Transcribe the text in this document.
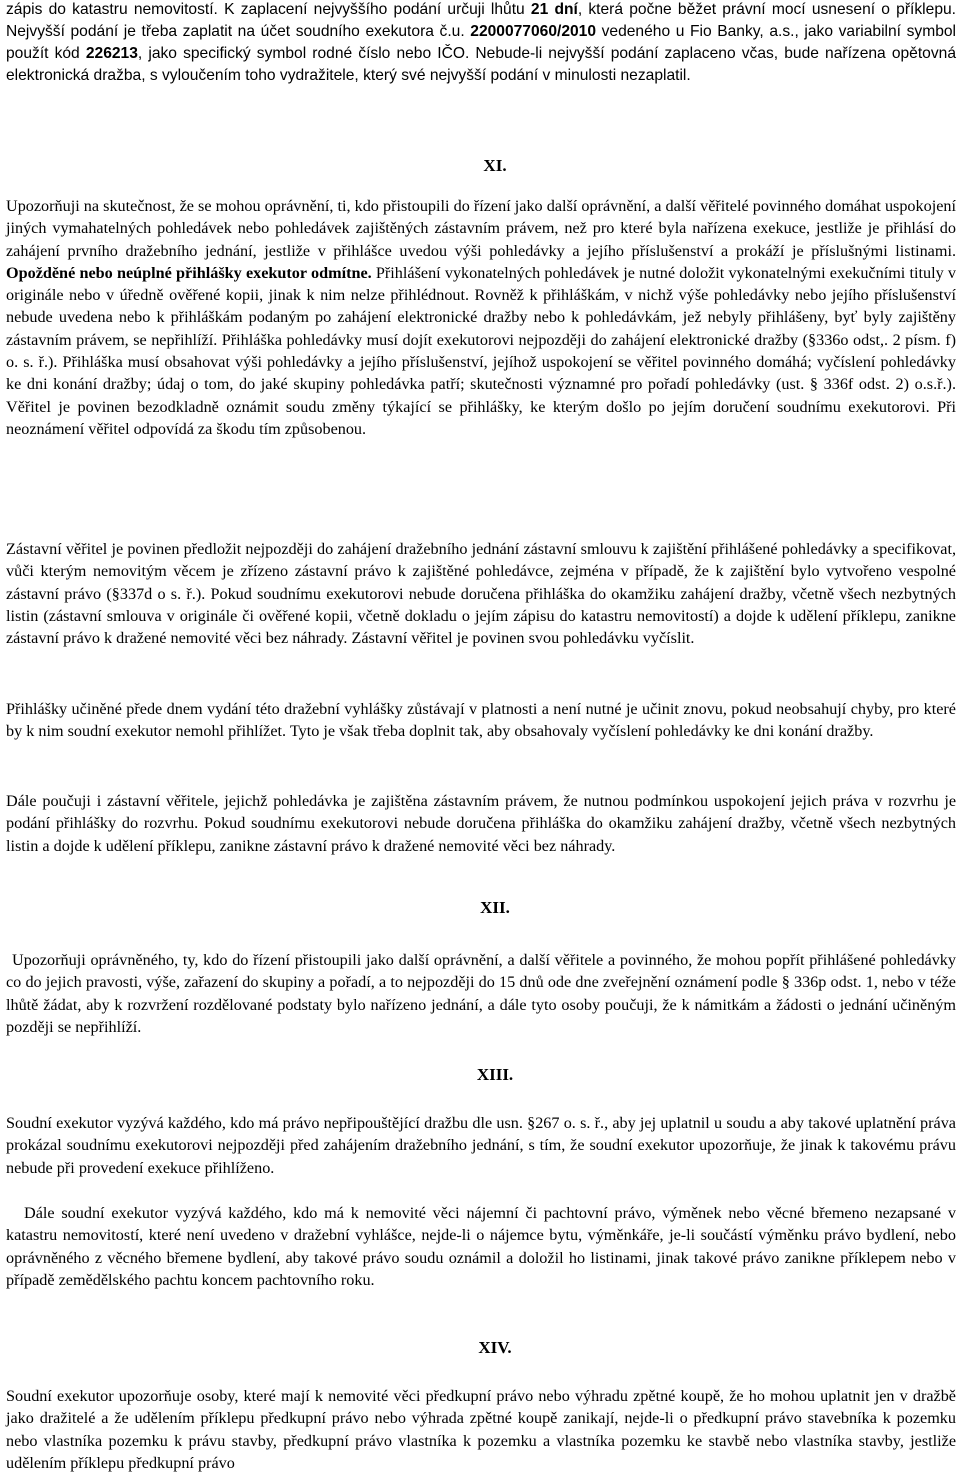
zápis do katastru nemovitostí. K zaplacení nejvyššího podání určuji lhůtu 21 dní, která počne běžet právní mocí usnesení o příklepu. Nejvyšší podání je třeba zaplatit na účet soudního exekutora č.u. 2200077060/2010 vedeného u Fio Banky, a.s., jako variabilní symbol použít kód 226213, jako specifický symbol rodné číslo nebo IČO. Nebude-li nejvyšší podání zaplaceno včas, bude nařízena opětovná elektronická dražba, s vyloučením toho vydražitele, který své nejvyšší podání v minulosti nezaplatil.

XI.

Upozorňuji na skutečnost, že se mohou oprávnění, ti, kdo přistoupili do řízení jako další oprávnění, a další věřitelé povinného domáhat uspokojení jiných vymahatelných pohledávek nebo pohledávek zajištěných zástavním právem, než pro které byla nařízena exekuce, jestliže je přihlásí do zahájení prvního dražebního jednání, jestliže v přihlášce uvedou výši pohledávky a jejího příslušenství a prokáží je příslušnými listinami. Opožděné nebo neúplné přihlášky exekutor odmítne. Přihlášení vykonatelných pohledávek je nutné doložit vykonatelnými exekučními tituly v originále nebo v úředně ověřené kopii, jinak k nim nelze přihlédnout. Rovněž k přihláškám, v nichž výše pohledávky nebo jejího příslušenství nebude uvedena nebo k přihláškám podaným po zahájení elektronické dražby nebo k pohledávkám, jež nebyly přihlášeny, byť byly zajištěny zástavním právem, se nepřihlíží. Přihláška pohledávky musí dojít exekutorovi nejpozději do zahájení elektronické dražby (§336o odst,. 2 písm. f) o. s. ř.). Přihláška musí obsahovat výši pohledávky a jejího příslušenství, jejíhož uspokojení se věřitel povinného domáhá; vyčíslení pohledávky ke dni konání dražby; údaj o tom, do jaké skupiny pohledávka patří; skutečnosti významné pro pořadí pohledávky (ust. § 336f odst. 2) o.s.ř.). Věřitel je povinen bezodkladně oznámit soudu změny týkající se přihlášky, ke kterým došlo po jejím doručení soudnímu exekutorovi. Při neoznámení věřitel odpovídá za škodu tím způsobenou.

Zástavní věřitel je povinen předložit nejpozději do zahájení dražebního jednání zástavní smlouvu k zajištění přihlášené pohledávky a specifikovat, vůči kterým nemovitým věcem je zřízeno zástavní právo k zajištěné pohledávce, zejména v případě, že k zajištění bylo vytvořeno vespolné zástavní právo (§337d o s. ř.). Pokud soudnímu exekutorovi nebude doručena přihláška do okamžiku zahájení dražby, včetně všech nezbytných listin (zástavní smlouva v originále či ověřené kopii, včetně dokladu o jejím zápisu do katastru nemovitostí) a dojde k udělení příklepu, zanikne zástavní právo k dražené nemovité věci bez náhrady. Zástavní věřitel je povinen svou pohledávku vyčíslit.

Přihlášky učiněné přede dnem vydání této dražební vyhlášky zůstávají v platnosti a není nutné je učinit znovu, pokud neobsahují chyby, pro které by k nim soudní exekutor nemohl přihlížet. Tyto je však třeba doplnit tak, aby obsahovaly vyčíslení pohledávky ke dni konání dražby.

Dále poučuji i zástavní věřitele, jejichž pohledávka je zajištěna zástavním právem, že nutnou podmínkou uspokojení jejich práva v rozvrhu je podání přihlášky do rozvrhu. Pokud soudnímu exekutorovi nebude doručena přihláška do okamžiku zahájení dražby, včetně všech nezbytných listin a dojde k udělení příklepu, zanikne zástavní právo k dražené nemovité věci bez náhrady.

XII.

Upozorňuji oprávněného, ty, kdo do řízení přistoupili jako další oprávnění, a další věřitele a povinného, že mohou popřít přihlášené pohledávky co do jejich pravosti, výše, zařazení do skupiny a pořadí, a to nejpozději do 15 dnů ode dne zveřejnění oznámení podle § 336p odst. 1, nebo v téže lhůtě žádat, aby k rozvržení rozdělované podstaty bylo nařízeno jednání, a dále tyto osoby poučuji, že k námitkám a žádosti o jednání učiněným později se nepřihlíží.

XIII.

Soudní exekutor vyzývá každého, kdo má právo nepřipouštějící dražbu dle usn. §267 o. s. ř., aby jej uplatnil u soudu a aby takové uplatnění práva prokázal soudnímu exekutorovi nejpozději před zahájením dražebního jednání, s tím, že soudní exekutor upozorňuje, že jinak k takovému právu nebude při provedení exekuce přihlíženo.

Dále soudní exekutor vyzývá každého, kdo má k nemovité věci nájemní či pachtovní právo, výměnek nebo věcné břemeno nezapsané v katastru nemovitostí, které není uvedeno v dražební vyhlášce, nejde-li o nájemce bytu, výměnkáře, je-li součástí výměnku právo bydlení, nebo oprávněného z věcného břemene bydlení, aby takové právo soudu oznámil a doložil ho listinami, jinak takové právo zanikne příklepem nebo v případě zemědělského pachtu koncem pachtovního roku.

XIV.

Soudní exekutor upozorňuje osoby, které mají k nemovité věci předkupní právo nebo výhradu zpětné koupě, že ho mohou uplatnit jen v dražbě jako dražitelé a že udělením příklepu předkupní právo nebo výhrada zpětné koupě zanikají, nejde-li o předkupní právo stavebníka k pozemku nebo vlastníka pozemku k právu stavby, předkupní právo vlastníka k pozemku a vlastníka pozemku ke stavbě nebo vlastníka stavby, jestliže udělením příklepu předkupní právo
